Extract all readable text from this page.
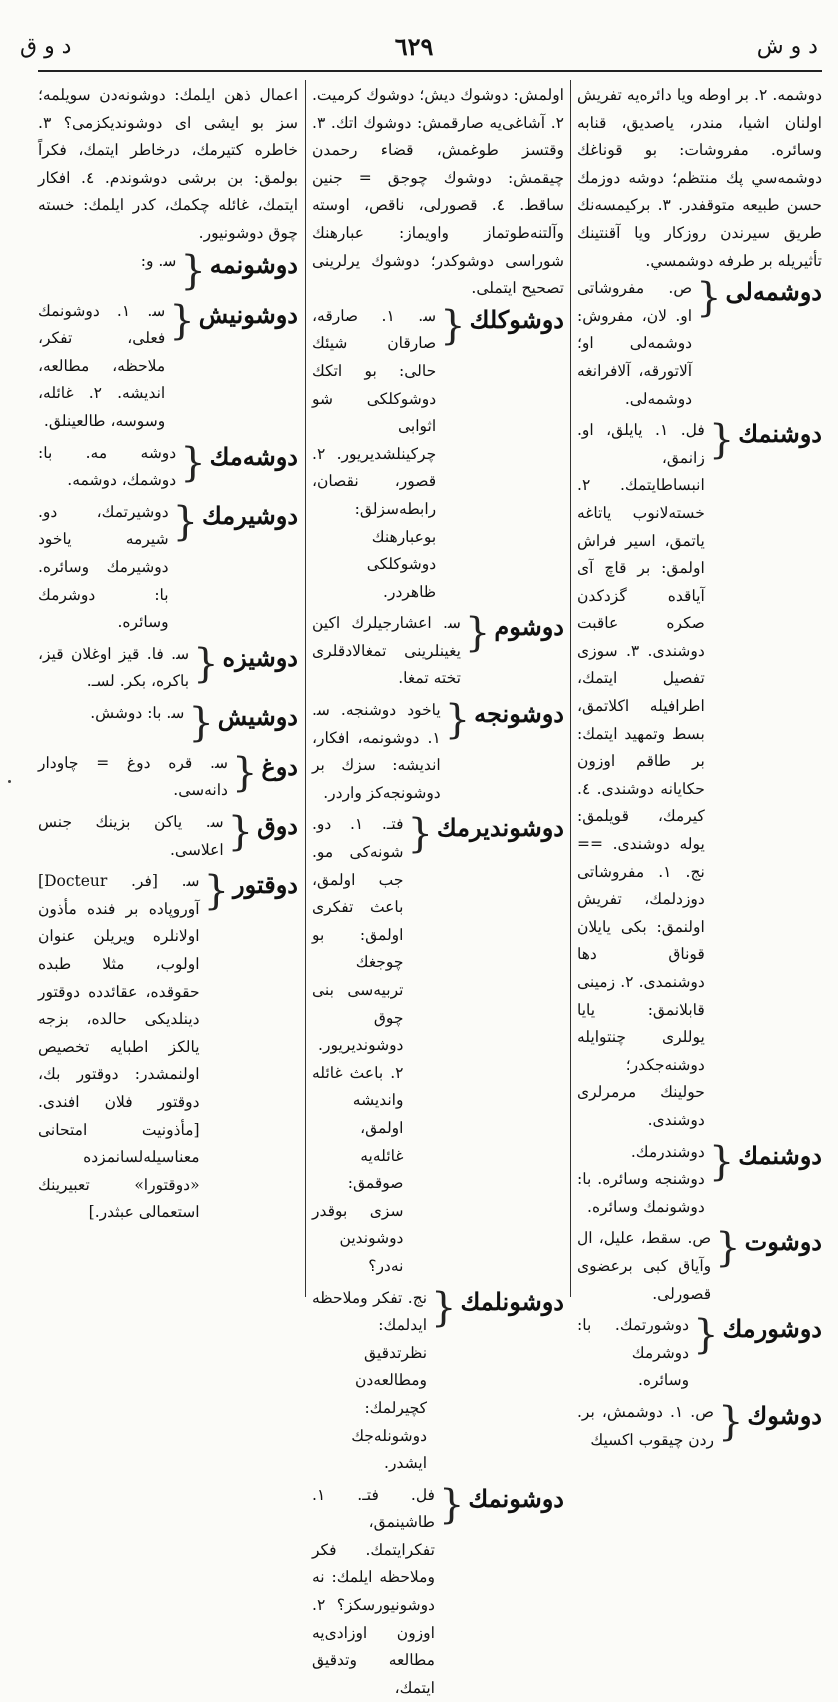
د و ق	٦٢٩	د و ش

اعمال ذهن ايلمك: دوشونه‌دن سويلمه؛ سز بو ايشى اى دوشونديكزمى؟ ٣. خاطره كتيرمك، درخاطر ايتمك، فكراً بولمق: بن برشى دوشوندم. ٤. افكار ايتمك، غائله چكمك، كدر ايلمك: خسته چوق دوشونيور.

دوشونمه
{
ﺳ. و:
دوشونيش
{
ﺳ. ١. دوشونمك فعلى، تفكر، ملاحظه، مطالعه، انديشه. ٢. غائله، وسوسه، طالعينلق.
دوشه‌مك
{
دوشه مه. ﺑﺎ: دوشمك، دوشمه.
دوشيرمك
{
دوشيرتمك، دو. شيرمه ياخود دوشيرمك وسائره. ﺑﺎ: دوشرمك وسائره.
دوشيزه
{
ﺳ. فا. قيز اوغلان قيز، باكره، بكر. لسـ.
دوشيش
{
ﺳ. ﺑﺎ: دوشش.
دوغ
{
ﺳ. قره دوغ = چاودار دانه‌سى.
دوق
{
ﺳ. ياكن بزينك جنس اعلاسى.
دوقتور
{
ﺳ. [فر. Docteur] آوروپاده بر فنده مأذون اولانلره ويريلن عنوان اولوب، مثلا طبده حقوقده، عقائدده دوقتور دينلديكى حالده، بزجه يالكز اطبايه تخصيص اولنمشدر: دوقتور بك، دوقتور فلان افندى. [مأذونيت امتحانى معناسيله‌لسانمزده «دوقتورا» تعبيرينك استعمالى عبثدر.]

اولمش: دوشوك ديش؛ دوشوك كرميت. ٢. آشاغى‌يه صارقمش: دوشوك اتك. ٣. وقتسز طوغمش، قضاء رحمدن چيقمش: دوشوك چوجق = جنين ساقط. ٤. قصورلى، ناقص، اوسته وآلتنه‌طوتماز واويماز: عبارهنك شوراسى دوشوكدر؛ دوشوك يرلرينى تصحيح ايتملى.

دوشوكلك
{
ﺳ. ١. صارقه، صارقان شيئك حالى: بو اتكك دوشوكلكى شو اثوابى چركينلشديريور. ٢. قصور، نقصان، رابطه‌سزلق: بوعبارهنك دوشوكلكى ظاهردر.
دوشوم
{
ﺳ. اعشارجيلرك اكين يغينلرينى تمغالادقلرى تخته تمغا.
دوشونجه
{
ياخود دوشنجه. ﺳ. ١. دوشونمه، افكار، انديشه: سزك بر دوشونجه‌كز واردر.
دوشونديرمك
{
فتـ. ١. دو. شونه‌كى مو. جب اولمق، باعث تفكرى اولمق: بو چوجغك تربيه‌سى بنى چوق دوشونديريور. ٢. باعث غائله وانديشه اولمق، غائله‌يه صوقمق: سزى بوقدر دوشوندين نه‌در؟
دوشونلمك
{
نج. تفكر وملاحظه ايدلمك: نظرتدقيق ومطالعه‌دن كچيرلمك: دوشونله‌جك ايشدر.
دوشونمك
{
فل. فتـ. ١. طاشينمق، تفكرايتمك. فكر وملاحظه ايلمك: نه دوشونيورسكز؟ ٢. اوزون اوزادى‌يه مطالعه وتدقيق ايتمك،

دوشمه. ٢. بر اوطه ويا دائره‌يه تفريش اولنان اشيا، مندر، ياصديق، قنابه وسائره. مفروشات: بو قوناغك دوشمه‌سي پك منتظم؛ دوشه دوزمك حسن طبيعه متوقفدر. ٣. بركيمسه‌نك طريق سيرندن روزكار ويا آقنتينك تأثيريله بر طرفه دوشمسي.

دوشمه‌لى
{
ص. مفروشاتى او. لان، مفروش: دوشمه‌لى او؛ آلاتورقه، آلافرانغه دوشمه‌لى.
دوشنمك
{
فل. ١. يايلق، او. زانمق، انبساطايتمك. ٢. خسته‌لانوب ياتاغه ياتمق، اسير فراش اولمق: بر قاچ آى آياقده گزدكدن صكره عاقبت دوشندى. ٣. سوزى تفصيل ايتمك، اطرافيله اكلاتمق، بسط وتمهيد ايتمك: بر طاقم اوزون حكايانه دوشندى. ٤. كيرمك، قويلمق: يوله دوشندى. == نج. ١. مفروشاتى دوزدلمك، تفريش اولنمق: بكى يايلان قوناق دها دوشنمدى. ٢. زمينى قابلانمق: يايا يوللرى چنتوايله دوشنه‌جكدر؛ حولينك مرمرلرى دوشندى.
دوشنمك
{
دوشندرمك. دوشنجه وسائره. ﺑﺎ: دوشونمك وسائره.
دوشوت
{
ص. سقط، عليل، ال وآياق كبى برعضوى قصورلى.
دوشورمك
{
دوشورتمك. ﺑﺎ: دوشرمك وسائره.
دوشوك
{
ص. ١. دوشمش، بر. ردن چيقوب اكسيك
